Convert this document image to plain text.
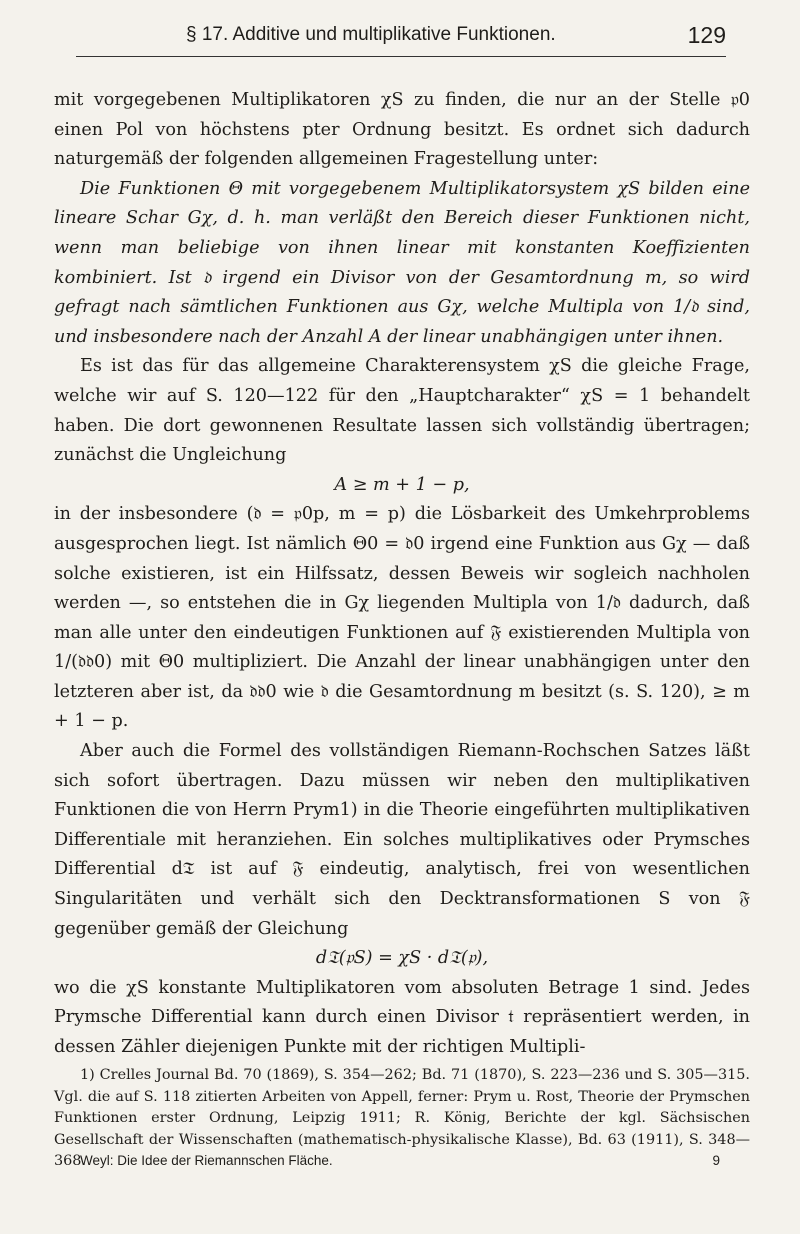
§ 17. Additive und multiplikative Funktionen.	129

mit vorgegebenen Multiplikatoren χS zu finden, die nur an der Stelle 𝔭0 einen Pol von höchstens pter Ordnung besitzt. Es ordnet sich dadurch naturgemäß der folgenden allgemeinen Fragestellung unter:

Die Funktionen Θ mit vorgegebenem Multiplikatorsystem χS bilden eine lineare Schar Gχ, d. h. man verläßt den Bereich dieser Funktionen nicht, wenn man beliebige von ihnen linear mit konstanten Koeffizienten kombiniert. Ist 𝔡 irgend ein Divisor von der Gesamtordnung m, so wird gefragt nach sämtlichen Funktionen aus Gχ, welche Multipla von 1/𝔡 sind, und insbesondere nach der Anzahl A der linear unabhängigen unter ihnen.

Es ist das für das allgemeine Charakterensystem χS die gleiche Frage, welche wir auf S. 120—122 für den „Hauptcharakter“ χS = 1 behandelt haben. Die dort gewonnenen Resultate lassen sich vollständig übertragen; zunächst die Ungleichung

A ≥ m + 1 − p,

in der insbesondere (𝔡 = 𝔭0p, m = p) die Lösbarkeit des Umkehrproblems ausgesprochen liegt. Ist nämlich Θ0 = 𝔡0 irgend eine Funktion aus Gχ — daß solche existieren, ist ein Hilfssatz, dessen Beweis wir sogleich nachholen werden —, so entstehen die in Gχ liegenden Multipla von 1/𝔡 dadurch, daß man alle unter den eindeutigen Funktionen auf 𝔉 existierenden Multipla von 1/(𝔡𝔡0) mit Θ0 multipliziert. Die Anzahl der linear unabhängigen unter den letzteren aber ist, da 𝔡𝔡0 wie 𝔡 die Gesamtordnung m besitzt (s. S. 120), ≥ m + 1 − p.

Aber auch die Formel des vollständigen Riemann-Rochschen Satzes läßt sich sofort übertragen. Dazu müssen wir neben den multiplikativen Funktionen die von Herrn Prym1) in die Theorie eingeführten multiplikativen Differentiale mit heranziehen. Ein solches multiplikatives oder Prymsches Differential d𝔗 ist auf 𝔉 eindeutig, analytisch, frei von wesentlichen Singularitäten und verhält sich den Decktransformationen S von 𝔉 gegenüber gemäß der Gleichung

d𝔗(𝔭S) = χS · d𝔗(𝔭),

wo die χS konstante Multiplikatoren vom absoluten Betrage 1 sind. Jedes Prymsche Differential kann durch einen Divisor 𝔱 repräsentiert werden, in dessen Zähler diejenigen Punkte mit der richtigen Multipli-

1) Crelles Journal Bd. 70 (1869), S. 354—262; Bd. 71 (1870), S. 223—236 und S. 305—315. Vgl. die auf S. 118 zitierten Arbeiten von Appell, ferner: Prym u. Rost, Theorie der Prymschen Funktionen erster Ordnung, Leipzig 1911; R. König, Berichte der kgl. Sächsischen Gesellschaft der Wissenschaften (mathematisch-physikalische Klasse), Bd. 63 (1911), S. 348—368.

Weyl: Die Idee der Riemannschen Fläche.	9
